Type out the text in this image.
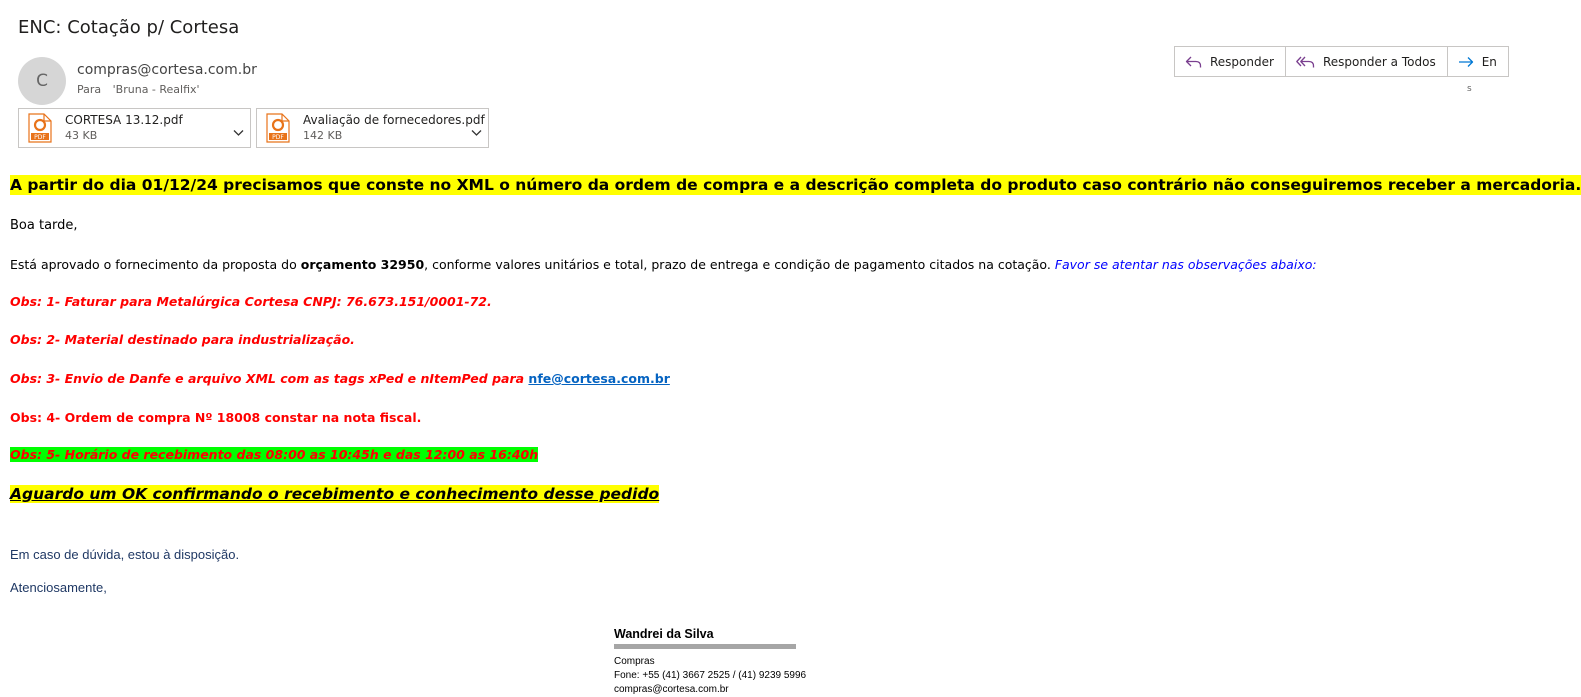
ENC: Cotação p/ Cortesa
C
compras@cortesa.com.br
Para 'Bruna - Realfix'
Responder	Responder a Todos	En
s
PDF
CORTESA 13.12.pdf
43 KB	PDF
Avaliação de fornecedores.pdf
142 KB
A partir do dia 01/12/24 precisamos que conste no XML o número da ordem de compra e a descrição completa do produto caso contrário não conseguiremos receber a mercadoria.
Boa tarde,
Está aprovado o fornecimento da proposta do orçamento 32950, conforme valores unitários e total, prazo de entrega e condição de pagamento citados na cotação. Favor se atentar nas observações abaixo:
Obs: 1- Faturar para Metalúrgica Cortesa CNPJ: 76.673.151/0001-72.
Obs: 2- Material destinado para industrialização.
Obs: 3- Envio de Danfe e arquivo XML com as tags xPed e nItemPed para nfe@cortesa.com.br
Obs: 4- Ordem de compra Nº 18008 constar na nota fiscal.
Obs: 5- Horário de recebimento das 08:00 as 10:45h e das 12:00 as 16:40h
Aguardo um OK confirmando o recebimento e conhecimento desse pedido
Em caso de dúvida, estou à disposição.
Atenciosamente,
Wandrei da Silva
Compras
Fone: +55 (41) 3667 2525 / (41) 9239 5996
compras@cortesa.com.br
